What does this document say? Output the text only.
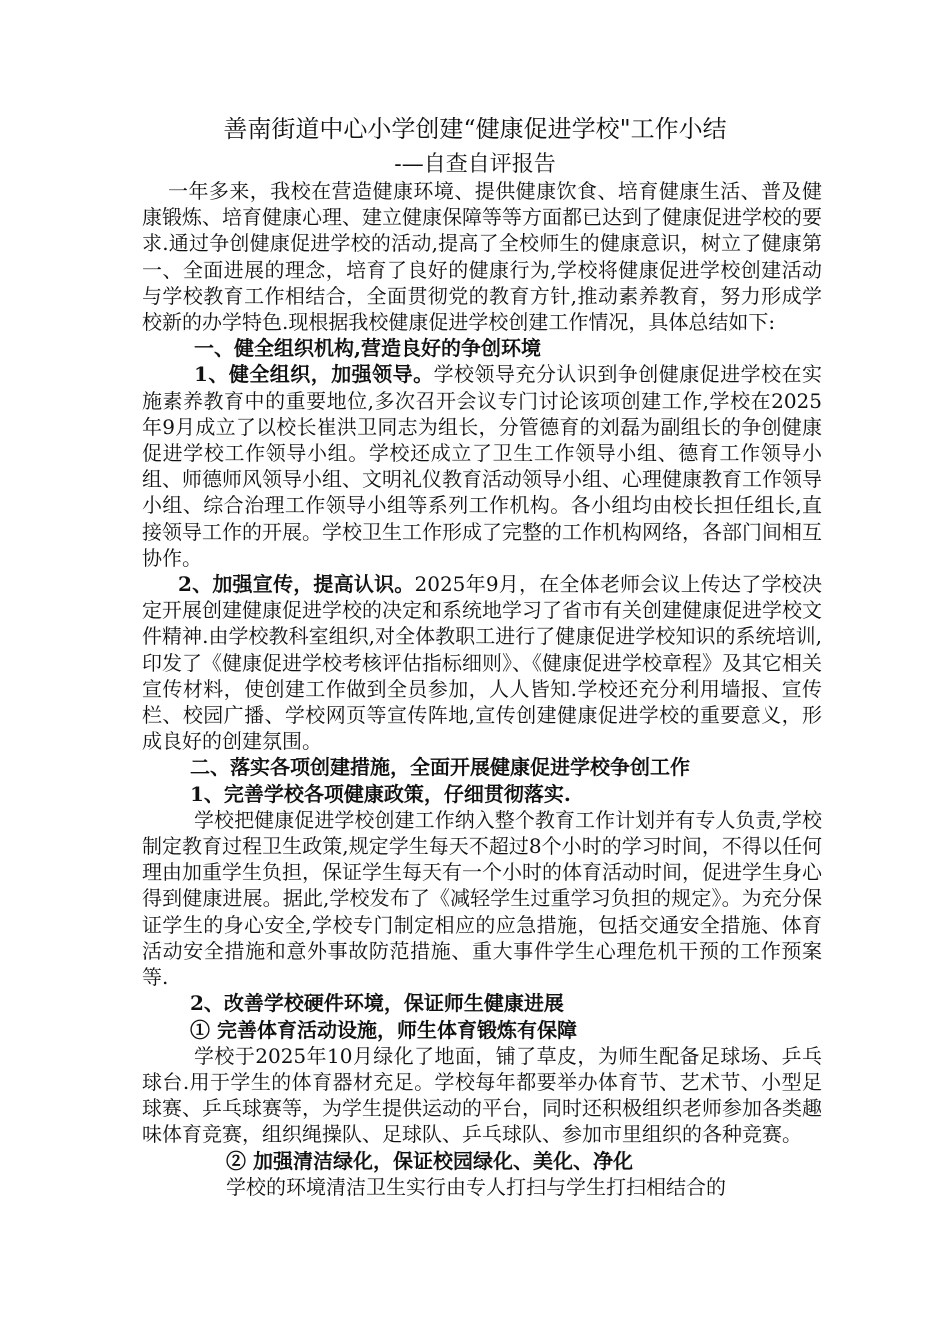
善南街道中心小学创建“健康促进学校"工作小结
-—自查自评报告

一年多来，我校在营造健康环境、提供健康饮食、培育健康生活、普及健康锻炼、培育健康心理、建立健康保障等等方面都已达到了健康促进学校的要求.通过争创健康促进学校的活动,提高了全校师生的健康意识，树立了健康第一、全面进展的理念，培育了良好的健康行为,学校将健康促进学校创建活动与学校教育工作相结合，全面贯彻党的教育方针,推动素养教育，努力形成学校新的办学特色.现根据我校健康促进学校创建工作情况，具体总结如下:

一、健全组织机构,营造良好的争创环境

1、健全组织，加强领导。学校领导充分认识到争创健康促进学校在实施素养教育中的重要地位,多次召开会议专门讨论该项创建工作,学校在2025年9月成立了以校长崔洪卫同志为组长，分管德育的刘磊为副组长的争创健康促进学校工作领导小组。学校还成立了卫生工作领导小组、德育工作领导小组、师德师风领导小组、文明礼仪教育活动领导小组、心理健康教育工作领导小组、综合治理工作领导小组等系列工作机构。各小组均由校长担任组长,直接领导工作的开展。学校卫生工作形成了完整的工作机构网络，各部门间相互协作。

2、加强宣传，提高认识。2025年9月，在全体老师会议上传达了学校决定开展创建健康促进学校的决定和系统地学习了省市有关创建健康促进学校文件精神.由学校教科室组织,对全体教职工进行了健康促进学校知识的系统培训,印发了《健康促进学校考核评估指标细则》、《健康促进学校章程》及其它相关宣传材料，使创建工作做到全员参加，人人皆知.学校还充分利用墙报、宣传栏、校园广播、学校网页等宣传阵地,宣传创建健康促进学校的重要意义，形成良好的创建氛围。

二、落实各项创建措施，全面开展健康促进学校争创工作

1、完善学校各项健康政策，仔细贯彻落实.

学校把健康促进学校创建工作纳入整个教育工作计划并有专人负责,学校制定教育过程卫生政策,规定学生每天不超过8个小时的学习时间，不得以任何理由加重学生负担，保证学生每天有一个小时的体育活动时间，促进学生身心得到健康进展。据此,学校发布了《减轻学生过重学习负担的规定》。为充分保证学生的身心安全,学校专门制定相应的应急措施，包括交通安全措施、体育活动安全措施和意外事故防范措施、重大事件学生心理危机干预的工作预案等.

2、改善学校硬件环境，保证师生健康进展

① 完善体育活动设施，师生体育锻炼有保障

学校于2025年10月绿化了地面，铺了草皮，为师生配备足球场、乒乓球台.用于学生的体育器材充足。学校每年都要举办体育节、艺术节、小型足球赛、乒乓球赛等，为学生提供运动的平台，同时还积极组织老师参加各类趣味体育竞赛，组织绳操队、足球队、乒乓球队、参加市里组织的各种竞赛。

② 加强清洁绿化，保证校园绿化、美化、净化

学校的环境清洁卫生实行由专人打扫与学生打扫相结合的
